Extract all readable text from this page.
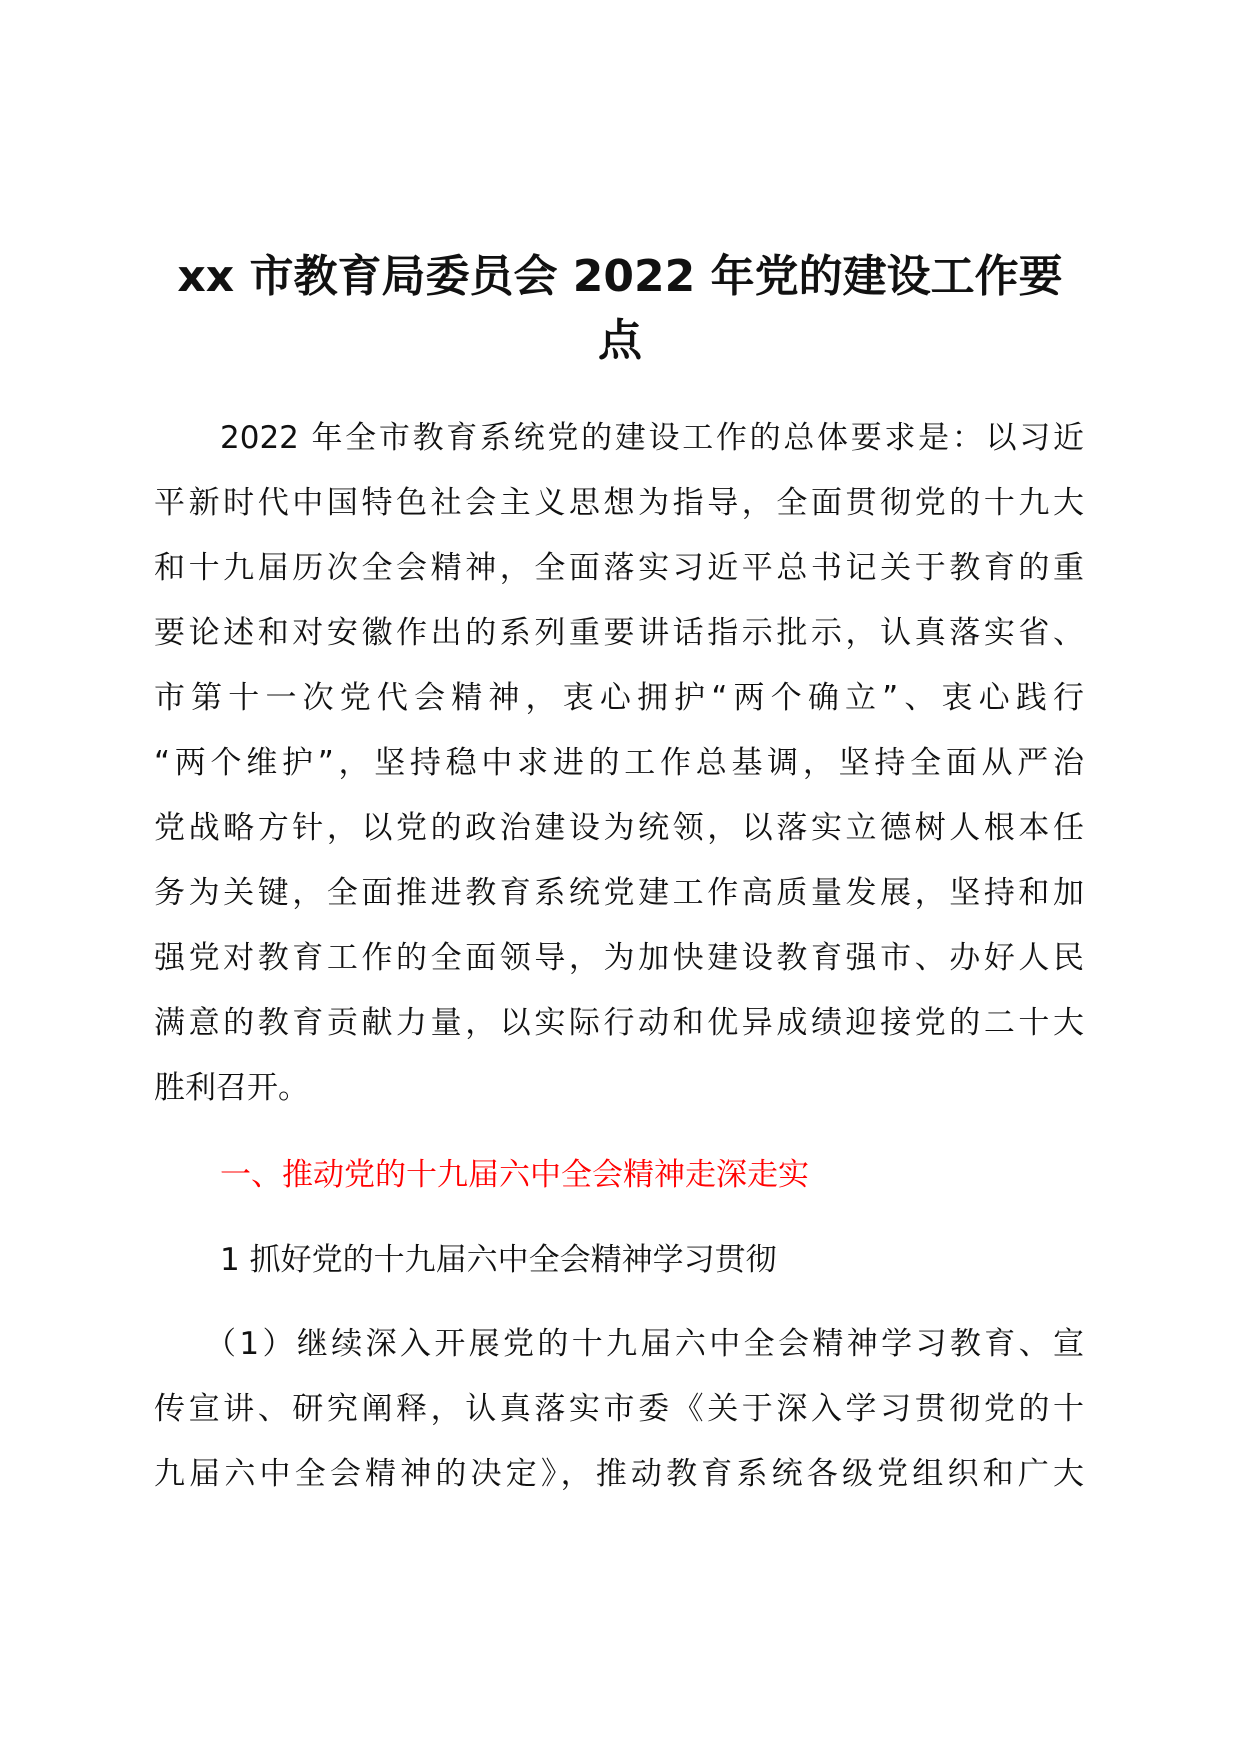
xx 市教育局委员会 2022 年党的建设工作要
点
2022 年全市教育系统党的建设工作的总体要求是：以习近
平新时代中国特色社会主义思想为指导，全面贯彻党的十九大
和十九届历次全会精神，全面落实习近平总书记关于教育的重
要论述和对安徽作出的系列重要讲话指示批示，认真落实省、
市第十一次党代会精神，衷心拥护“两个确立”、衷心践行
“两个维护”，坚持稳中求进的工作总基调，坚持全面从严治
党战略方针，以党的政治建设为统领，以落实立德树人根本任
务为关键，全面推进教育系统党建工作高质量发展，坚持和加
强党对教育工作的全面领导，为加快建设教育强市、办好人民
满意的教育贡献力量，以实际行动和优异成绩迎接党的二十大
胜利召开。
一、推动党的十九届六中全会精神走深走实
1 抓好党的十九届六中全会精神学习贯彻
（1）继续深入开展党的十九届六中全会精神学习教育、宣
传宣讲、研究阐释，认真落实市委《关于深入学习贯彻党的十
九届六中全会精神的决定》，推动教育系统各级党组织和广大
